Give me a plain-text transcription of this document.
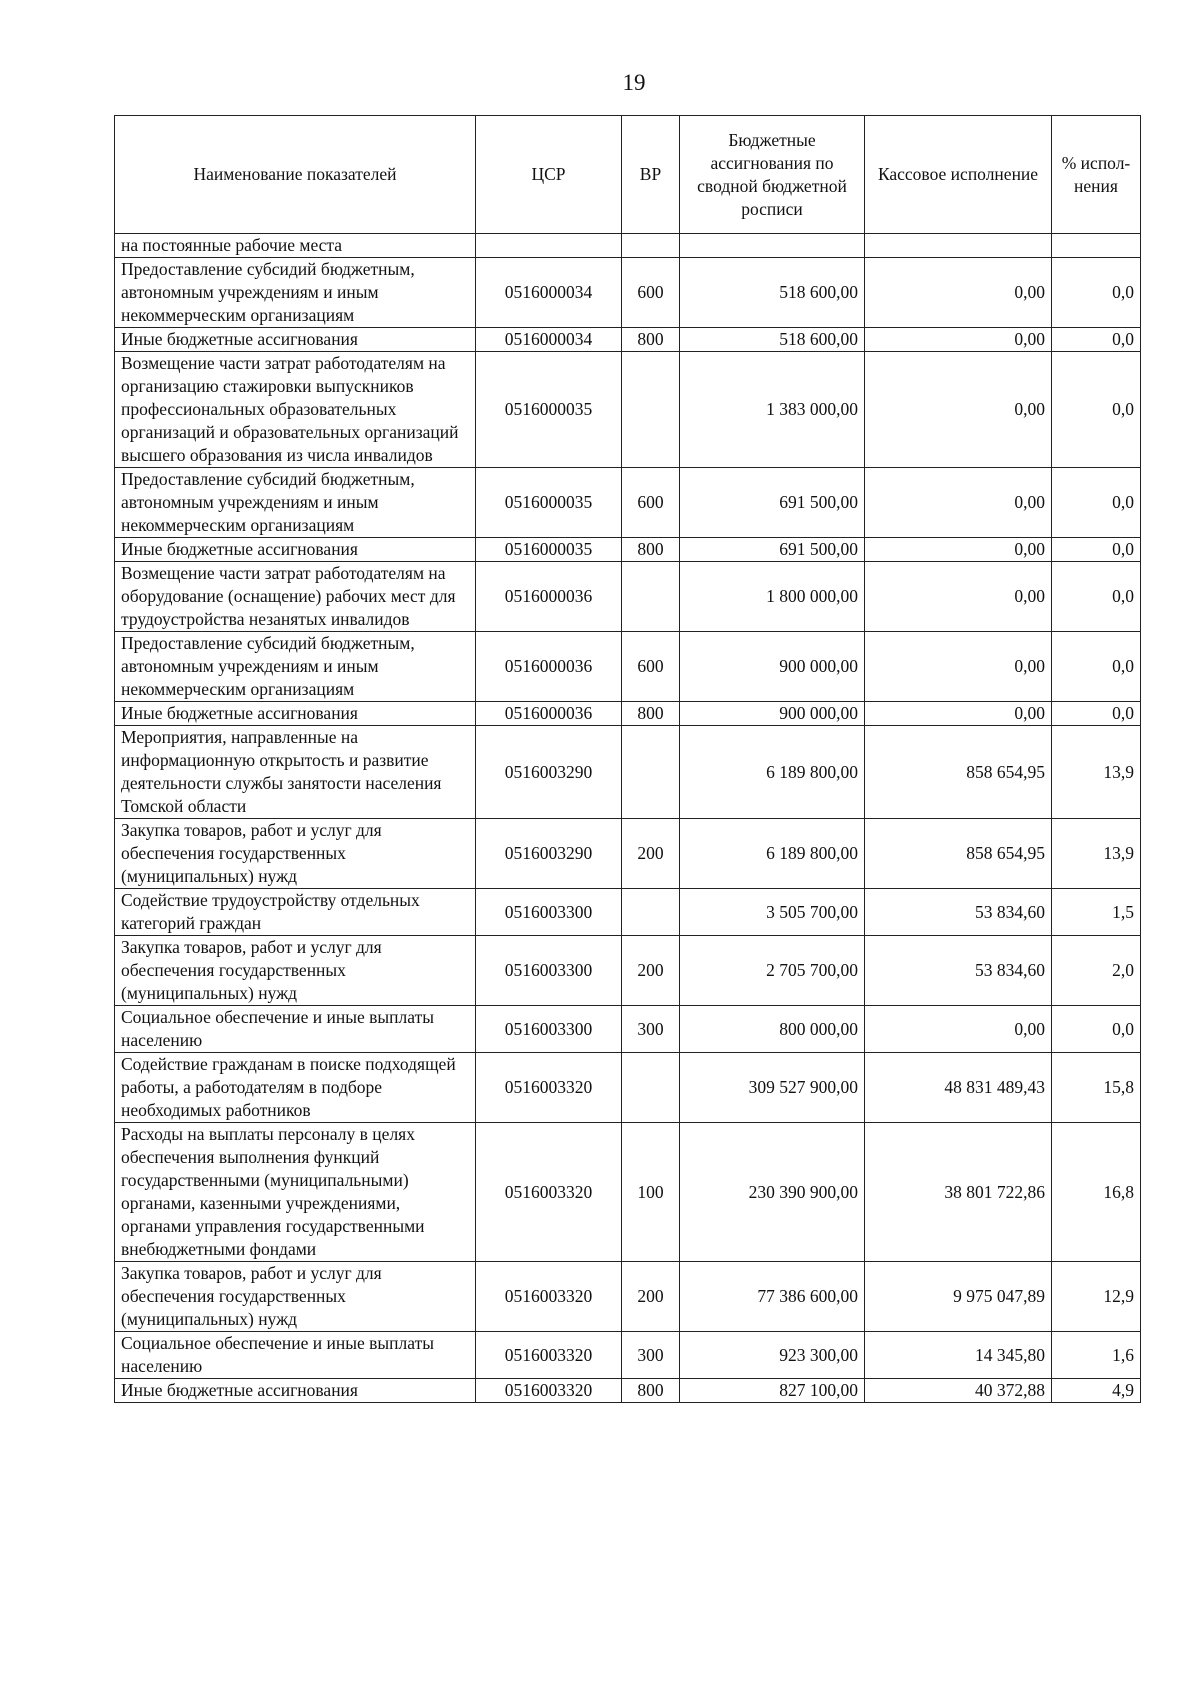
19
Наименование показателей	ЦСР	ВР	Бюджетные ассигнования по сводной бюджетной росписи	Кассовое исполнение	% испол-нения
на постоянные рабочие места					
Предоставление субсидий бюджетным, автономным учреждениям и иным некоммерческим организациям	0516000034	600	518 600,00	0,00	0,0
Иные бюджетные ассигнования	0516000034	800	518 600,00	0,00	0,0
Возмещение части затрат работодателям на организацию стажировки выпускников профессиональных образовательных организаций и образовательных организаций высшего образования из числа инвалидов	0516000035		1 383 000,00	0,00	0,0
Предоставление субсидий бюджетным, автономным учреждениям и иным некоммерческим организациям	0516000035	600	691 500,00	0,00	0,0
Иные бюджетные ассигнования	0516000035	800	691 500,00	0,00	0,0
Возмещение части затрат работодателям на оборудование (оснащение) рабочих мест для трудоустройства незанятых инвалидов	0516000036		1 800 000,00	0,00	0,0
Предоставление субсидий бюджетным, автономным учреждениям и иным некоммерческим организациям	0516000036	600	900 000,00	0,00	0,0
Иные бюджетные ассигнования	0516000036	800	900 000,00	0,00	0,0
Мероприятия, направленные на информационную открытость и развитие деятельности службы занятости населения Томской области	0516003290		6 189 800,00	858 654,95	13,9
Закупка товаров, работ и услуг для обеспечения государственных (муниципальных) нужд	0516003290	200	6 189 800,00	858 654,95	13,9
Содействие трудоустройству отдельных категорий граждан	0516003300		3 505 700,00	53 834,60	1,5
Закупка товаров, работ и услуг для обеспечения государственных (муниципальных) нужд	0516003300	200	2 705 700,00	53 834,60	2,0
Социальное обеспечение и иные выплаты населению	0516003300	300	800 000,00	0,00	0,0
Содействие гражданам в поиске подходящей работы, а работодателям в подборе необходимых работников	0516003320		309 527 900,00	48 831 489,43	15,8
Расходы на выплаты персоналу в целях обеспечения выполнения функций государственными (муниципальными) органами, казенными учреждениями, органами управления государственными внебюджетными фондами	0516003320	100	230 390 900,00	38 801 722,86	16,8
Закупка товаров, работ и услуг для обеспечения государственных (муниципальных) нужд	0516003320	200	77 386 600,00	9 975 047,89	12,9
Социальное обеспечение и иные выплаты населению	0516003320	300	923 300,00	14 345,80	1,6
Иные бюджетные ассигнования	0516003320	800	827 100,00	40 372,88	4,9
